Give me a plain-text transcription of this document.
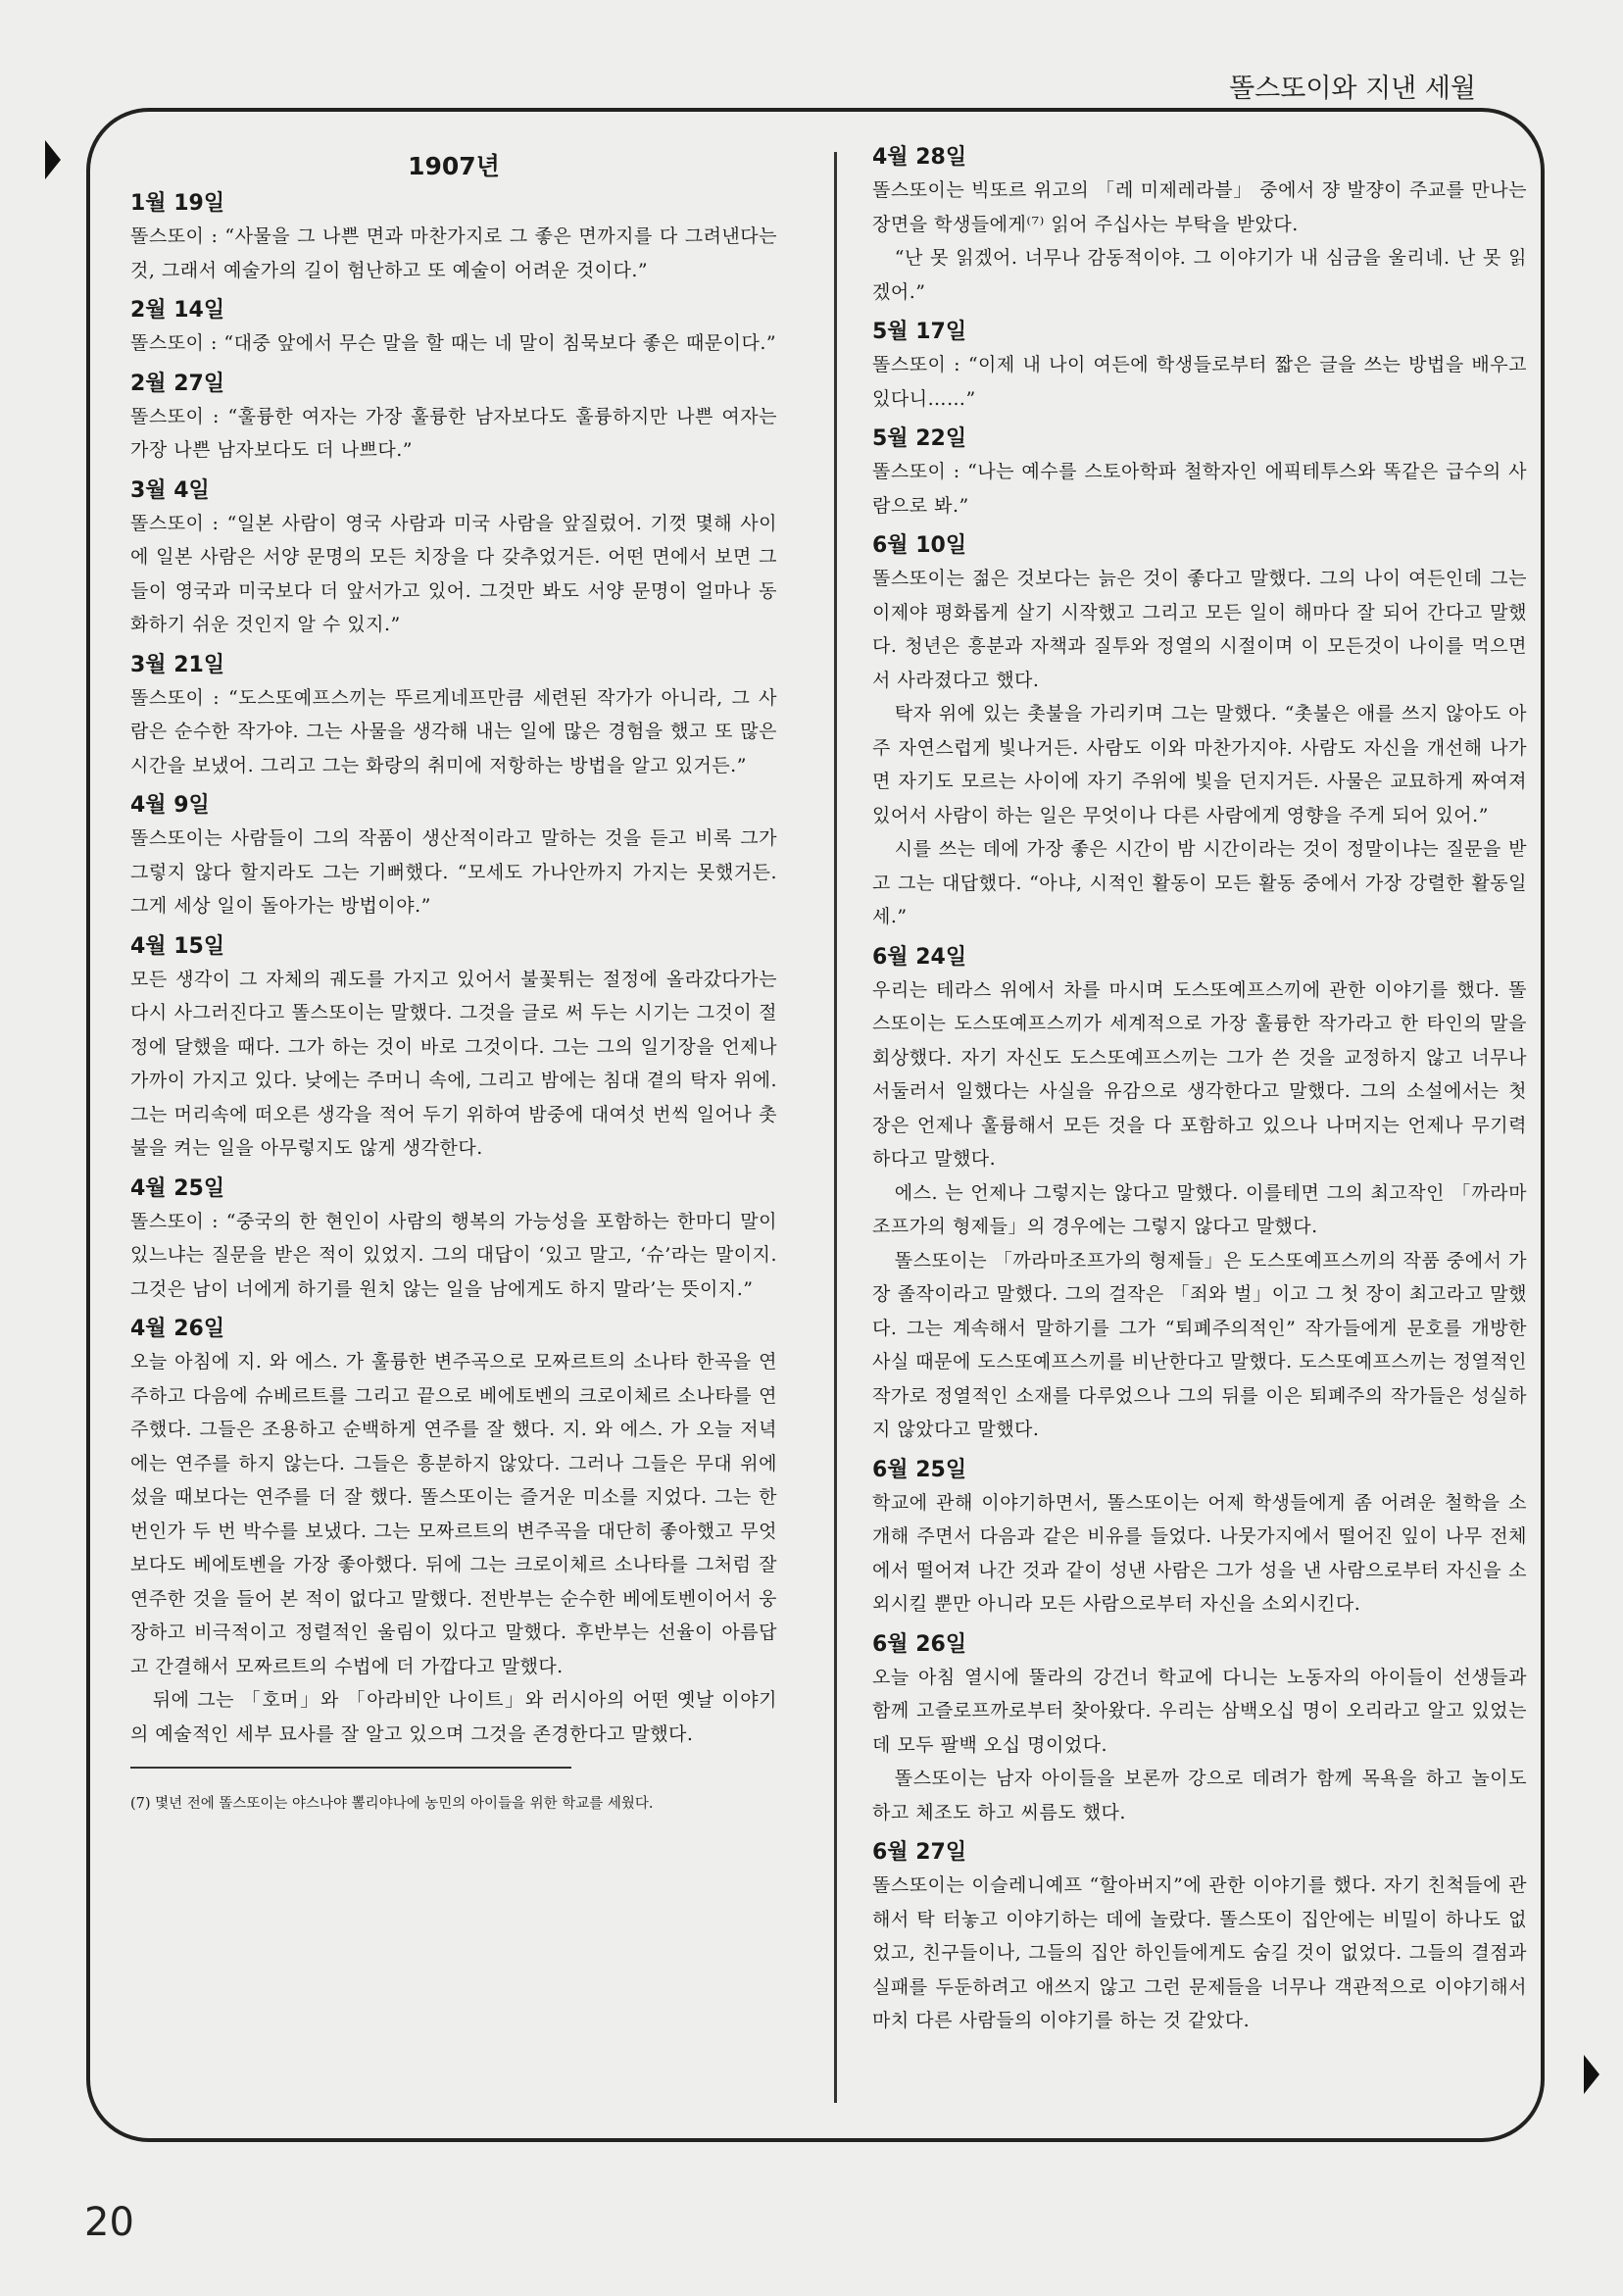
똘스또이와 지낸 세월
1907년
1월 19일

똘스또이 : “사물을 그 나쁜 면과 마찬가지로 그 좋은 면까지를 다 그려낸다는 것, 그래서 예술가의 길이 험난하고 또 예술이 어려운 것이다.”

2월 14일

똘스또이 : “대중 앞에서 무슨 말을 할 때는 네 말이 침묵보다 좋은 때문이다.”

2월 27일

똘스또이 : “훌륭한 여자는 가장 훌륭한 남자보다도 훌륭하지만 나쁜 여자는 가장 나쁜 남자보다도 더 나쁘다.”

3월 4일

똘스또이 : “일본 사람이 영국 사람과 미국 사람을 앞질렀어. 기껏 몇해 사이에 일본 사람은 서양 문명의 모든 치장을 다 갖추었거든. 어떤 면에서 보면 그들이 영국과 미국보다 더 앞서가고 있어. 그것만 봐도 서양 문명이 얼마나 동화하기 쉬운 것인지 알 수 있지.”

3월 21일

똘스또이 : “도스또예프스끼는 뚜르게네프만큼 세련된 작가가 아니라, 그 사람은 순수한 작가야. 그는 사물을 생각해 내는 일에 많은 경험을 했고 또 많은 시간을 보냈어. 그리고 그는 화랑의 취미에 저항하는 방법을 알고 있거든.”

4월 9일

똘스또이는 사람들이 그의 작품이 생산적이라고 말하는 것을 듣고 비록 그가 그렇지 않다 할지라도 그는 기뻐했다. “모세도 가나안까지 가지는 못했거든. 그게 세상 일이 돌아가는 방법이야.”

4월 15일

모든 생각이 그 자체의 궤도를 가지고 있어서 불꽃튀는 절정에 올라갔다가는 다시 사그러진다고 똘스또이는 말했다. 그것을 글로 써 두는 시기는 그것이 절정에 달했을 때다. 그가 하는 것이 바로 그것이다. 그는 그의 일기장을 언제나 가까이 가지고 있다. 낮에는 주머니 속에, 그리고 밤에는 침대 곁의 탁자 위에. 그는 머리속에 떠오른 생각을 적어 두기 위하여 밤중에 대여섯 번씩 일어나 촛불을 켜는 일을 아무렇지도 않게 생각한다.

4월 25일

똘스또이 : “중국의 한 현인이 사람의 행복의 가능성을 포함하는 한마디 말이 있느냐는 질문을 받은 적이 있었지. 그의 대답이 ‘있고 말고, ‘슈’라는 말이지. 그것은 남이 너에게 하기를 원치 않는 일을 남에게도 하지 말라’는 뜻이지.”

4월 26일

오늘 아침에 지. 와 에스. 가 훌륭한 변주곡으로 모짜르트의 소나타 한곡을 연주하고 다음에 슈베르트를 그리고 끝으로 베에토벤의 크로이체르 소나타를 연주했다. 그들은 조용하고 순백하게 연주를 잘 했다. 지. 와 에스. 가 오늘 저녁에는 연주를 하지 않는다. 그들은 흥분하지 않았다. 그러나 그들은 무대 위에 섰을 때보다는 연주를 더 잘 했다. 똘스또이는 즐거운 미소를 지었다. 그는 한 번인가 두 번 박수를 보냈다. 그는 모짜르트의 변주곡을 대단히 좋아했고 무엇보다도 베에토벤을 가장 좋아했다. 뒤에 그는 크로이체르 소나타를 그처럼 잘 연주한 것을 들어 본 적이 없다고 말했다. 전반부는 순수한 베에토벤이어서 웅장하고 비극적이고 정렬적인 울림이 있다고 말했다. 후반부는 선율이 아름답고 간결해서 모짜르트의 수법에 더 가깝다고 말했다.

뒤에 그는 「호머」와 「아라비안 나이트」와 러시아의 어떤 옛날 이야기의 예술적인 세부 묘사를 잘 알고 있으며 그것을 존경한다고 말했다.

(7) 몇년 전에 똘스또이는 야스나야 뽈리야나에 농민의 아이들을 위한 학교를 세웠다.

4월 28일

똘스또이는 빅또르 위고의 「레 미제레라블」 중에서 쟝 발쟝이 주교를 만나는 장면을 학생들에게⁽⁷⁾ 읽어 주십사는 부탁을 받았다.

“난 못 읽겠어. 너무나 감동적이야. 그 이야기가 내 심금을 울리네. 난 못 읽겠어.”

5월 17일

똘스또이 : “이제 내 나이 여든에 학생들로부터 짧은 글을 쓰는 방법을 배우고 있다니……”

5월 22일

똘스또이 : “나는 예수를 스토아학파 철학자인 에픽테투스와 똑같은 급수의 사람으로 봐.”

6월 10일

똘스또이는 젊은 것보다는 늙은 것이 좋다고 말했다. 그의 나이 여든인데 그는 이제야 평화롭게 살기 시작했고 그리고 모든 일이 해마다 잘 되어 간다고 말했다. 청년은 흥분과 자책과 질투와 정열의 시절이며 이 모든것이 나이를 먹으면서 사라졌다고 했다.

탁자 위에 있는 촛불을 가리키며 그는 말했다. “촛불은 애를 쓰지 않아도 아주 자연스럽게 빛나거든. 사람도 이와 마찬가지야. 사람도 자신을 개선해 나가면 자기도 모르는 사이에 자기 주위에 빛을 던지거든. 사물은 교묘하게 짜여져 있어서 사람이 하는 일은 무엇이나 다른 사람에게 영향을 주게 되어 있어.”

시를 쓰는 데에 가장 좋은 시간이 밤 시간이라는 것이 정말이냐는 질문을 받고 그는 대답했다. “아냐, 시적인 활동이 모든 활동 중에서 가장 강렬한 활동일세.”

6월 24일

우리는 테라스 위에서 차를 마시며 도스또예프스끼에 관한 이야기를 했다. 똘스또이는 도스또예프스끼가 세계적으로 가장 훌륭한 작가라고 한 타인의 말을 회상했다. 자기 자신도 도스또예프스끼는 그가 쓴 것을 교정하지 않고 너무나 서둘러서 일했다는 사실을 유감으로 생각한다고 말했다. 그의 소설에서는 첫 장은 언제나 훌륭해서 모든 것을 다 포함하고 있으나 나머지는 언제나 무기력하다고 말했다.

에스. 는 언제나 그렇지는 않다고 말했다. 이를테면 그의 최고작인 「까라마조프가의 형제들」의 경우에는 그렇지 않다고 말했다.

똘스또이는 「까라마조프가의 형제들」은 도스또예프스끼의 작품 중에서 가장 졸작이라고 말했다. 그의 걸작은 「죄와 벌」이고 그 첫 장이 최고라고 말했다. 그는 계속해서 말하기를 그가 “퇴폐주의적인” 작가들에게 문호를 개방한 사실 때문에 도스또예프스끼를 비난한다고 말했다. 도스또예프스끼는 정열적인 작가로 정열적인 소재를 다루었으나 그의 뒤를 이은 퇴폐주의 작가들은 성실하지 않았다고 말했다.

6월 25일

학교에 관해 이야기하면서, 똘스또이는 어제 학생들에게 좀 어려운 철학을 소개해 주면서 다음과 같은 비유를 들었다. 나뭇가지에서 떨어진 잎이 나무 전체에서 떨어져 나간 것과 같이 성낸 사람은 그가 성을 낸 사람으로부터 자신을 소외시킬 뿐만 아니라 모든 사람으로부터 자신을 소외시킨다.

6월 26일

오늘 아침 열시에 뚤라의 강건너 학교에 다니는 노동자의 아이들이 선생들과 함께 고즐로프까로부터 찾아왔다. 우리는 삼백오십 명이 오리라고 알고 있었는데 모두 팔백 오십 명이었다.

똘스또이는 남자 아이들을 보론까 강으로 데려가 함께 목욕을 하고 놀이도 하고 체조도 하고 씨름도 했다.

6월 27일

똘스또이는 이슬레니예프 “할아버지”에 관한 이야기를 했다. 자기 친척들에 관해서 탁 터놓고 이야기하는 데에 놀랐다. 똘스또이 집안에는 비밀이 하나도 없었고, 친구들이나, 그들의 집안 하인들에게도 숨길 것이 없었다. 그들의 결점과 실패를 두둔하려고 애쓰지 않고 그런 문제들을 너무나 객관적으로 이야기해서 마치 다른 사람들의 이야기를 하는 것 같았다.

20
